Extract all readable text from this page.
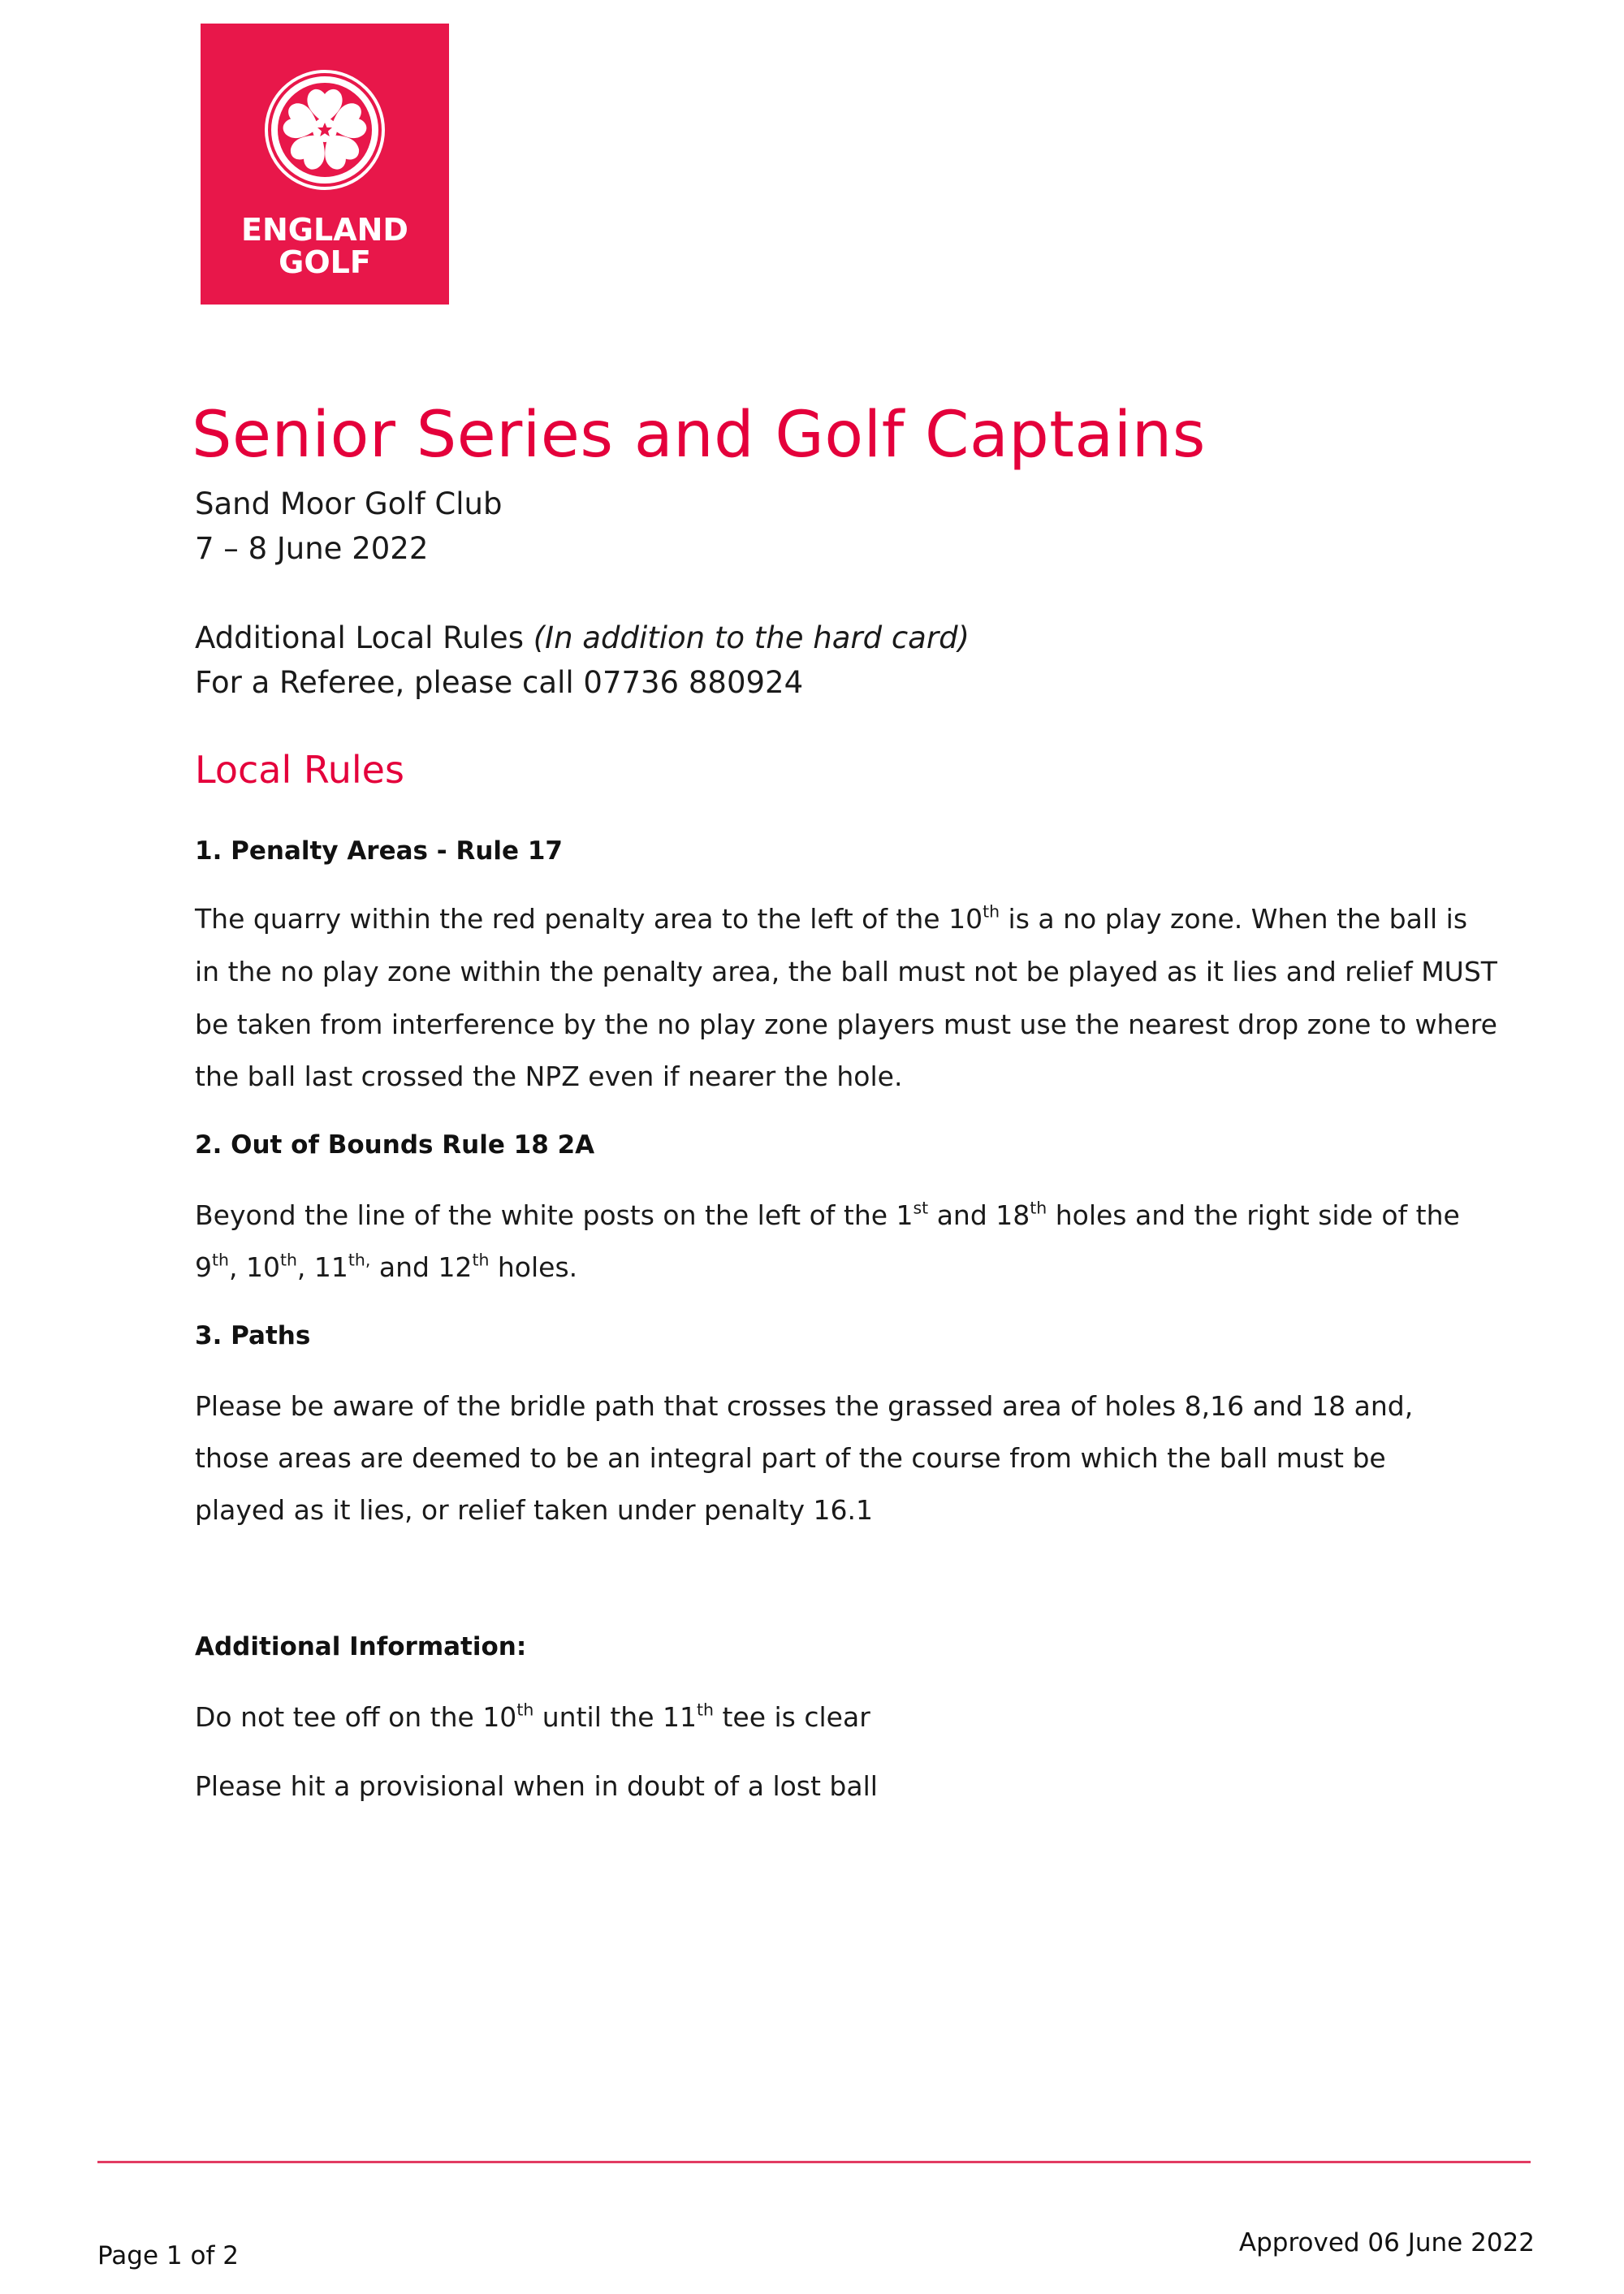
ENGLAND
GOLF
Senior Series and Golf Captains
Sand Moor Golf Club
7 – 8 June 2022
Additional Local Rules (In addition to the hard card)
For a Referee, please call 07736 880924
Local Rules
1. Penalty Areas - Rule 17
The quarry within the red penalty area to the left of the 10th is a no play zone. When the ball is
in the no play zone within the penalty area, the ball must not be played as it lies and relief MUST
be taken from interference by the no play zone players must use the nearest drop zone to where
the ball last crossed the NPZ even if nearer the hole.
2. Out of Bounds Rule 18 2A
Beyond the line of the white posts on the left of the 1st and 18th holes and the right side of the
9th, 10th, $11^{th,}$ and 12th holes.
3. Paths
Please be aware of the bridle path that crosses the grassed area of holes 8,16 and 18 and,
those areas are deemed to be an integral part of the course from which the ball must be
played as it lies, or relief taken under penalty 16.1
Additional Information:
Do not tee off on the 10th until the 11th tee is clear
Please hit a provisional when in doubt of a lost ball
Page 1 of 2	Approved 06 June 2022
